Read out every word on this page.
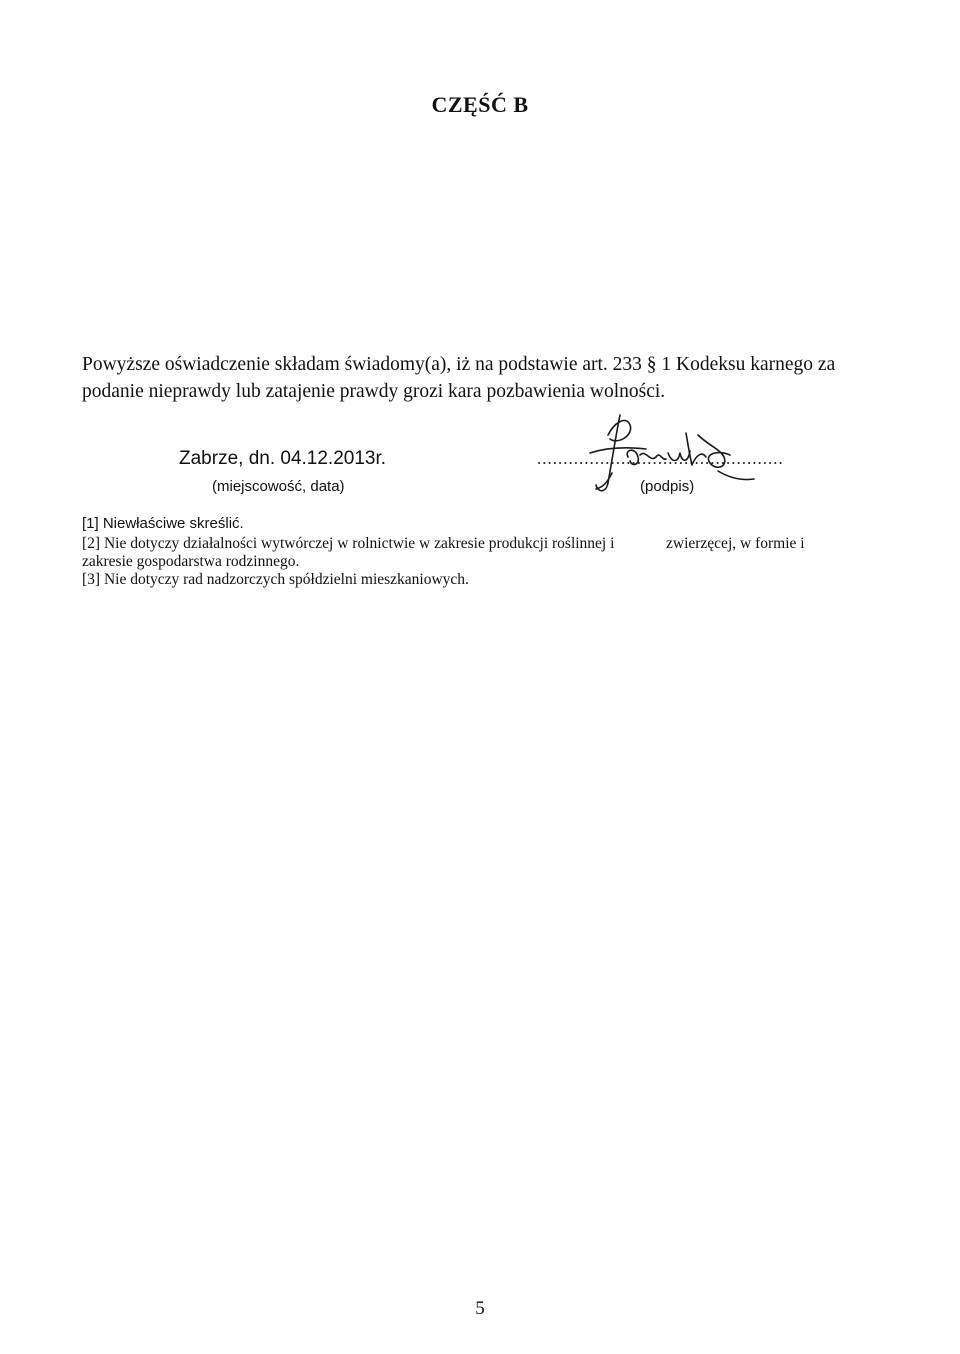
CZĘŚĆ B
Powyższe oświadczenie składam świadomy(a), iż na podstawie art. 233 § 1 Kodeksu karnego za
podanie nieprawdy lub zatajenie prawdy grozi kara pozbawienia wolności.
Zabrze, dn. 04.12.2013r.
(miejscowość, data)
...............................................
(podpis)
[1] Niewłaściwe skreślić.
[2] Nie dotyczy działalności wytwórczej w rolnictwie w zakresie produkcji roślinnej i	zwierzęcej, w formie i
zakresie gospodarstwa rodzinnego.
[3] Nie dotyczy rad nadzorczych spółdzielni mieszkaniowych.
5
